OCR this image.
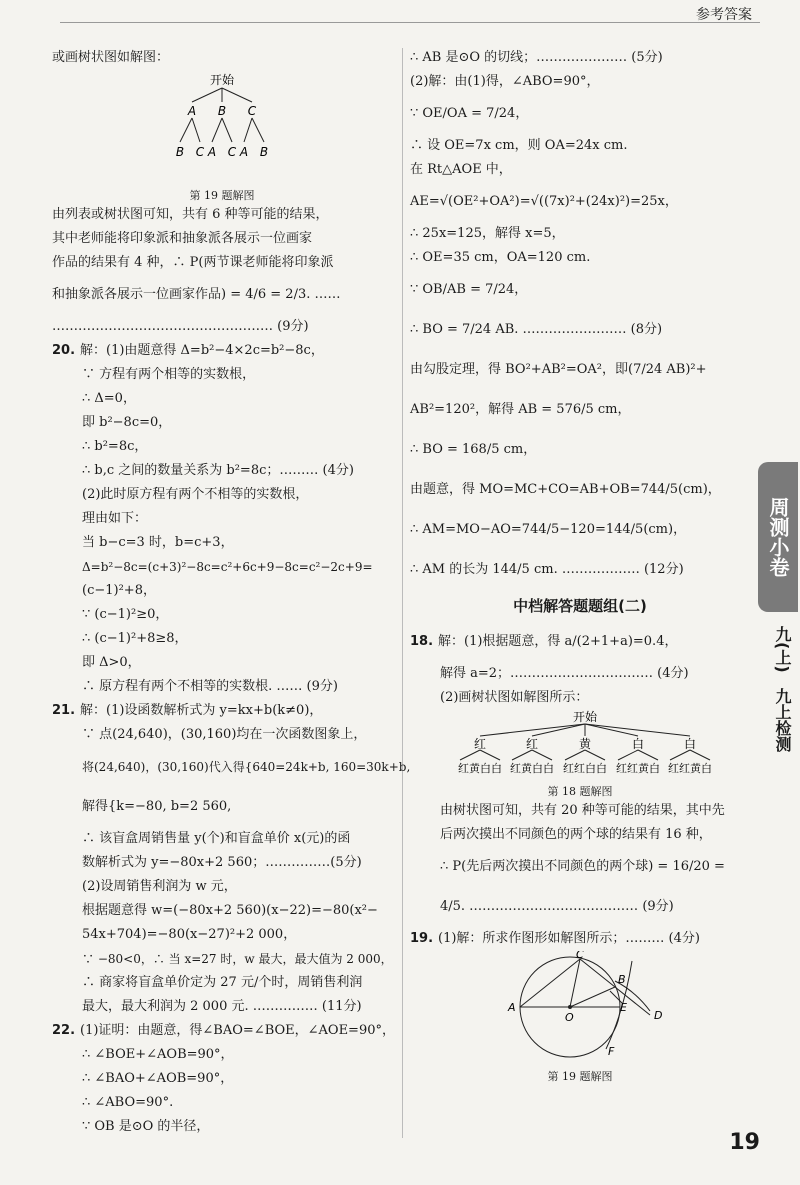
参考答案
或画树状图如解图：
开始
A B C
B C A C A B
第 19 题解图
由列表或树状图可知，共有 6 种等可能的结果，
其中老师能将印象派和抽象派各展示一位画家
作品的结果有 4 种，∴ P(两节课老师能将印象派
和抽象派各展示一位画家作品) = 4/6 = 2/3. ……
…………………………………………… (9分)
20. 解：(1)由题意得 Δ=b²−4×2c=b²−8c，
∵ 方程有两个相等的实数根，
∴ Δ=0，
即 b²−8c=0，
∴ b²=8c，
∴ b,c 之间的数量关系为 b²=8c；……… (4分)
(2)此时原方程有两个不相等的实数根，
理由如下：
当 b−c=3 时，b=c+3，
Δ=b²−8c=(c+3)²−8c=c²+6c+9−8c=c²−2c+9=
(c−1)²+8，
∵ (c−1)²≥0，
∴ (c−1)²+8≥8，
即 Δ>0，
∴ 原方程有两个不相等的实数根. …… (9分)
21. 解：(1)设函数解析式为 y=kx+b(k≠0)，
∵ 点(24,640)，(30,160)均在一次函数图象上，
将(24,640)，(30,160)代入得{640=24k+b, 160=30k+b,
解得{k=−80, b=2 560,
∴ 该盲盒周销售量 y(个)和盲盒单价 x(元)的函
数解析式为 y=−80x+2 560；……………(5分)
(2)设周销售利润为 w 元，
根据题意得 w=(−80x+2 560)(x−22)=−80(x²−
54x+704)=−80(x−27)²+2 000，
∵ −80<0，∴ 当 x=27 时，w 最大，最大值为 2 000，
∴ 商家将盲盒单价定为 27 元/个时，周销售利润
最大，最大利润为 2 000 元. …………… (11分)
22. (1)证明：由题意，得∠BAO=∠BOE，∠AOE=90°，
∴ ∠BOE+∠AOB=90°，
∴ ∠BAO+∠AOB=90°，
∴ ∠ABO=90°.
∵ OB 是⊙O 的半径，
∴ AB 是⊙O 的切线；………………… (5分)
(2)解：由(1)得，∠ABO=90°，
∵ OE/OA = 7/24，
∴ 设 OE=7x cm，则 OA=24x cm.
在 Rt△AOE 中，
AE=√(OE²+OA²)=√((7x)²+(24x)²)=25x，
∴ 25x=125，解得 x=5，
∴ OE=35 cm，OA=120 cm.
∵ OB/AB = 7/24，
∴ BO = 7/24 AB. …………………… (8分)
由勾股定理，得 BO²+AB²=OA²，即(7/24 AB)²+
AB²=120²，解得 AB = 576/5 cm，
∴ BO = 168/5 cm，
由题意，得 MO=MC+CO=AB+OB=744/5(cm)，
∴ AM=MO−AO=744/5−120=144/5(cm)，
∴ AM 的长为 144/5 cm. ……………… (12分)
中档解答题题组(二)
18. 解：(1)根据题意，得 a/(2+1+a)=0.4，
解得 a=2；…………………………… (4分)
(2)画树状图如解图所示：
开始
红	红	黄	白	白
红黄白白 红黄白白 红红白白 红红黄白 红红黄白
第 18 题解图
由树状图可知，共有 20 种等可能的结果，其中先
后两次摸出不同颜色的两个球的结果有 16 种，
∴ P(先后两次摸出不同颜色的两个球) = 16/20 =
4/5. ………………………………… (9分)
19. (1)解：所求作图形如解图所示；……… (4分)
C
B
E
D
A
O
F
第 19 题解图
周测小卷
九(上)
九上检测
19
